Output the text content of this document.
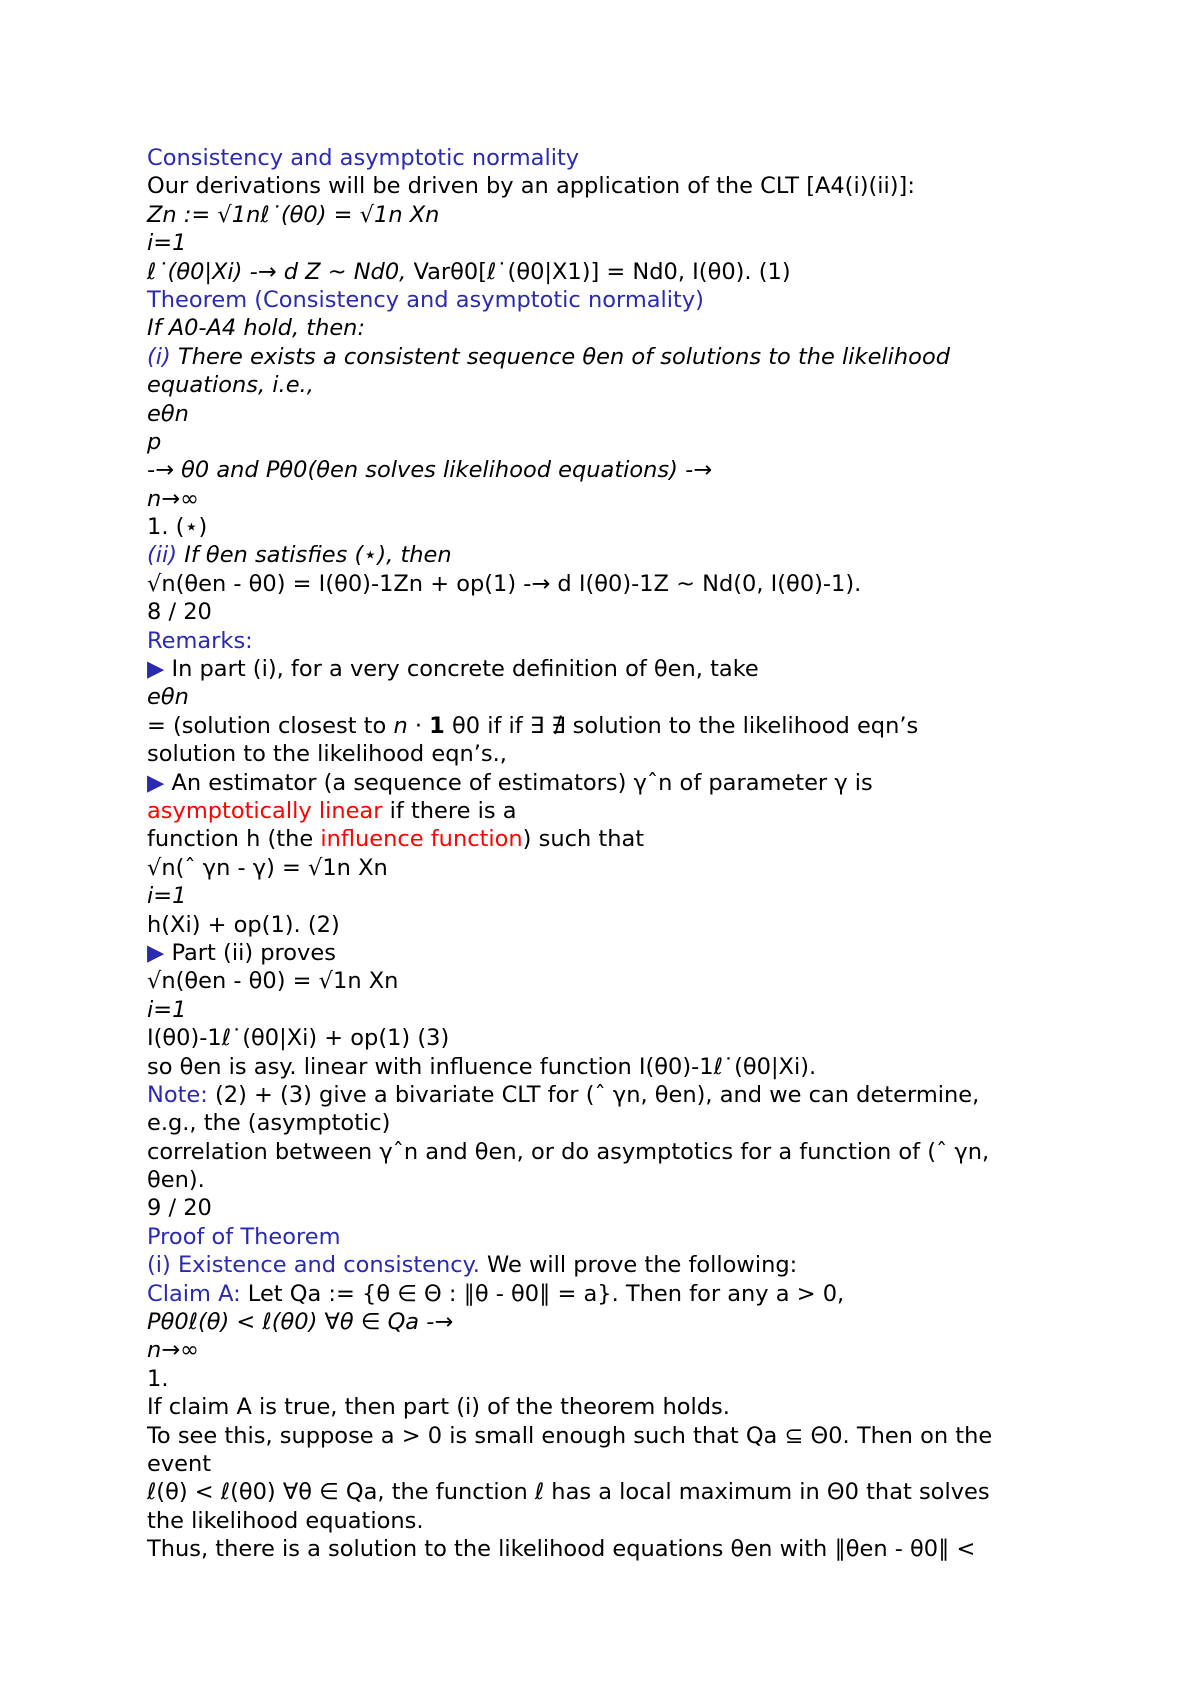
Consistency and asymptotic normality
Our derivations will be driven by an application of the CLT [A4(i)(ii)]:
Zn := √1nℓ˙(θ0) = √1n Xn
i=1
ℓ˙(θ0|Xi) -→ d Z ~ Nd0, Varθ0[ℓ˙(θ0|X1)] = Nd0, I(θ0). (1)
Theorem (Consistency and asymptotic normality)
If A0-A4 hold, then:
(i) There exists a consistent sequence θen of solutions to the likelihood
equations, i.e.,
eθn
p
-→ θ0 and Pθ0(θen solves likelihood equations) -→
n→∞
1. (⋆)
(ii) If θen satisfies (⋆), then
√n(θen - θ0) = I(θ0)-1Zn + op(1) -→ d I(θ0)-1Z ~ Nd(0, I(θ0)-1).
8 / 20
Remarks:
▶ In part (i), for a very concrete definition of θen, take
eθn
= (solution closest to n · 1 θ0 if if ∃ ∄ solution to the likelihood eqn’s
solution to the likelihood eqn’s.,
▶ An estimator (a sequence of estimators) γˆn of parameter γ is
asymptotically linear if there is a
function h (the influence function) such that
√n(ˆ γn - γ) = √1n Xn
i=1
h(Xi) + op(1). (2)
▶ Part (ii) proves
√n(θen - θ0) = √1n Xn
i=1
I(θ0)-1ℓ˙(θ0|Xi) + op(1) (3)
so θen is asy. linear with influence function I(θ0)-1ℓ˙(θ0|Xi).
Note: (2) + (3) give a bivariate CLT for (ˆ γn, θen), and we can determine,
e.g., the (asymptotic)
correlation between γˆn and θen, or do asymptotics for a function of (ˆ γn,
θen).
9 / 20
Proof of Theorem
(i) Existence and consistency. We will prove the following:
Claim A: Let Qa := {θ ∈ Θ : ∥θ - θ0∥ = a}. Then for any a > 0,
Pθ0ℓ(θ) < ℓ(θ0) ∀θ ∈ Qa -→
n→∞
1.
If claim A is true, then part (i) of the theorem holds.
To see this, suppose a > 0 is small enough such that Qa ⊆ Θ0. Then on the
event
ℓ(θ) < ℓ(θ0) ∀θ ∈ Qa, the function ℓ has a local maximum in Θ0 that solves
the likelihood equations.
Thus, there is a solution to the likelihood equations θen with ∥θen - θ0∥ <
